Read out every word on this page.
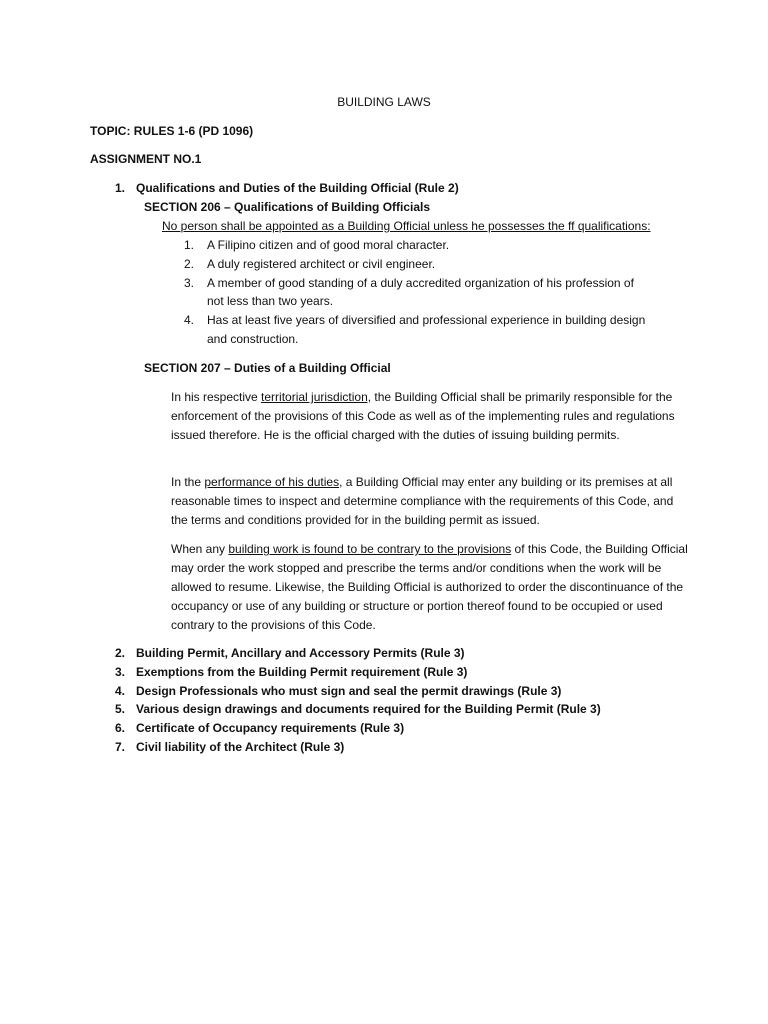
BUILDING LAWS
TOPIC: RULES 1-6 (PD 1096)
ASSIGNMENT NO.1
1. Qualifications and Duties of the Building Official (Rule 2)
SECTION 206 – Qualifications of Building Officials
No person shall be appointed as a Building Official unless he possesses the ff qualifications:
1. A Filipino citizen and of good moral character.
2. A duly registered architect or civil engineer.
3. A member of good standing of a duly accredited organization of his profession of
not less than two years.
4. Has at least five years of diversified and professional experience in building design
and construction.
SECTION 207 – Duties of a Building Official
In his respective territorial jurisdiction, the Building Official shall be primarily responsible for the enforcement of the provisions of this Code as well as of the implementing rules and regulations issued therefore. He is the official charged with the duties of issuing building permits.
In the performance of his duties, a Building Official may enter any building or its premises at all reasonable times to inspect and determine compliance with the requirements of this Code, and the terms and conditions provided for in the building permit as issued.
When any building work is found to be contrary to the provisions of this Code, the Building Official may order the work stopped and prescribe the terms and/or conditions when the work will be allowed to resume. Likewise, the Building Official is authorized to order the discontinuance of the occupancy or use of any building or structure or portion thereof found to be occupied or used contrary to the provisions of this Code.
2. Building Permit, Ancillary and Accessory Permits (Rule 3)
3. Exemptions from the Building Permit requirement (Rule 3)
4. Design Professionals who must sign and seal the permit drawings (Rule 3)
5. Various design drawings and documents required for the Building Permit (Rule 3)
6. Certificate of Occupancy requirements (Rule 3)
7. Civil liability of the Architect (Rule 3)
